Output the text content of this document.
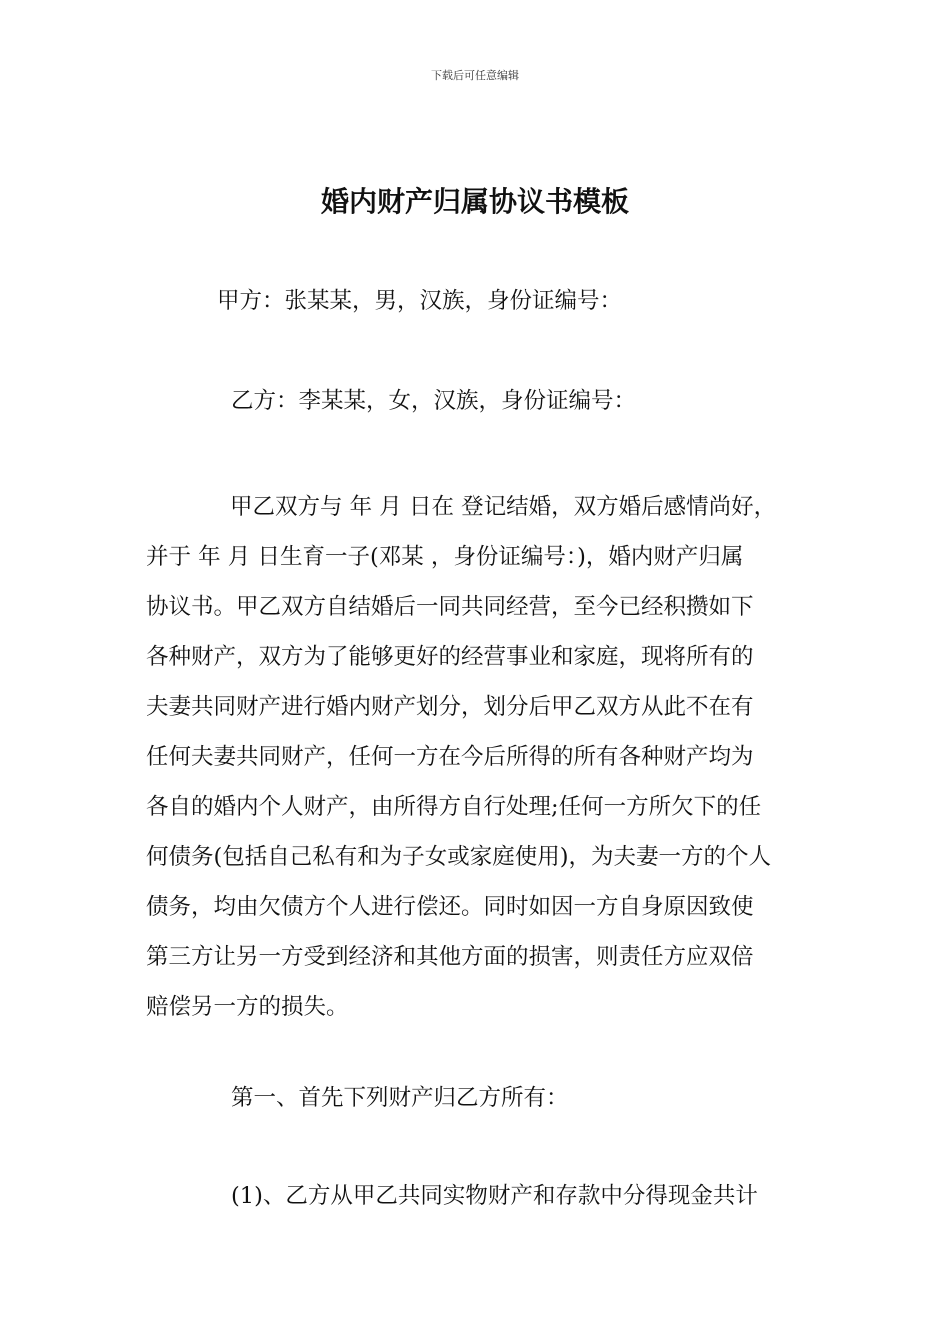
下载后可任意编辑
婚内财产归属协议书模板
甲方：张某某，男，汉族，身份证编号：
乙方：李某某，女，汉族，身份证编号：
甲乙双方与 年 月 日在 登记结婚，双方婚后感情尚好，
并于 年 月 日生育一子(邓某 ，身份证编号：)，婚内财产归属
协议书。甲乙双方自结婚后一同共同经营，至今已经积攒如下
各种财产，双方为了能够更好的经营事业和家庭，现将所有的
夫妻共同财产进行婚内财产划分，划分后甲乙双方从此不在有
任何夫妻共同财产，任何一方在今后所得的所有各种财产均为
各自的婚内个人财产，由所得方自行处理;任何一方所欠下的任
何债务(包括自己私有和为子女或家庭使用)，为夫妻一方的个人
债务，均由欠债方个人进行偿还。同时如因一方自身原因致使
第三方让另一方受到经济和其他方面的损害，则责任方应双倍
赔偿另一方的损失。
第一、首先下列财产归乙方所有：
(1)、乙方从甲乙共同实物财产和存款中分得现金共计
